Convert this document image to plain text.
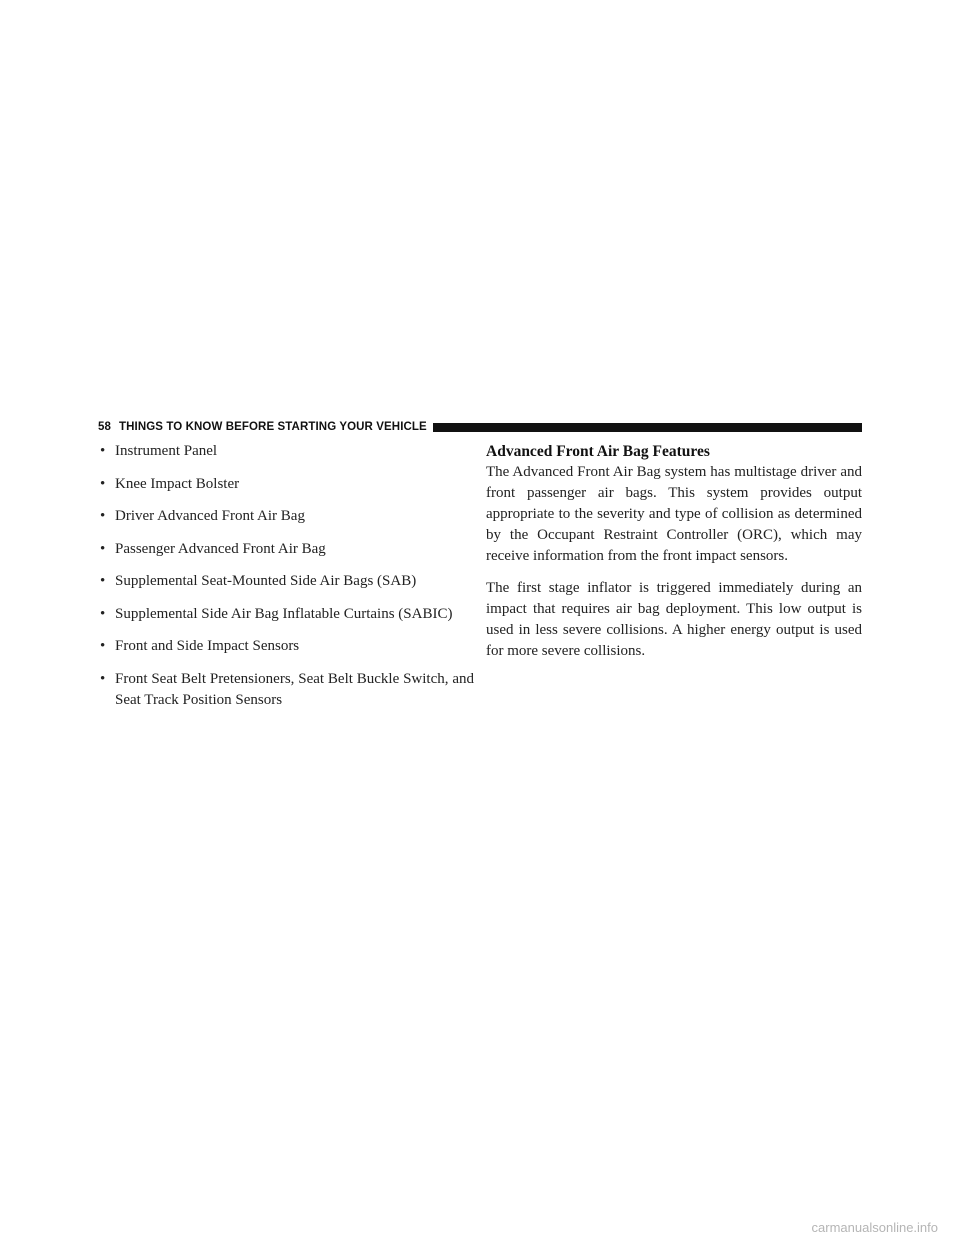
58 THINGS TO KNOW BEFORE STARTING YOUR VEHICLE
• Instrument Panel
• Knee Impact Bolster
• Driver Advanced Front Air Bag
• Passenger Advanced Front Air Bag
• Supplemental Seat-Mounted Side Air Bags (SAB)
• Supplemental Side Air Bag Inflatable Curtains (SABIC)
• Front and Side Impact Sensors
• Front Seat Belt Pretensioners, Seat Belt Buckle Switch, and Seat Track Position Sensors
Advanced Front Air Bag Features

The Advanced Front Air Bag system has multistage driver and front passenger air bags. This system provides output appropriate to the severity and type of collision as determined by the Occupant Restraint Controller (ORC), which may receive information from the front impact sensors.

The first stage inflator is triggered immediately during an impact that requires air bag deployment. This low output is used in less severe collisions. A higher energy output is used for more severe collisions.

carmanualsonline.info
